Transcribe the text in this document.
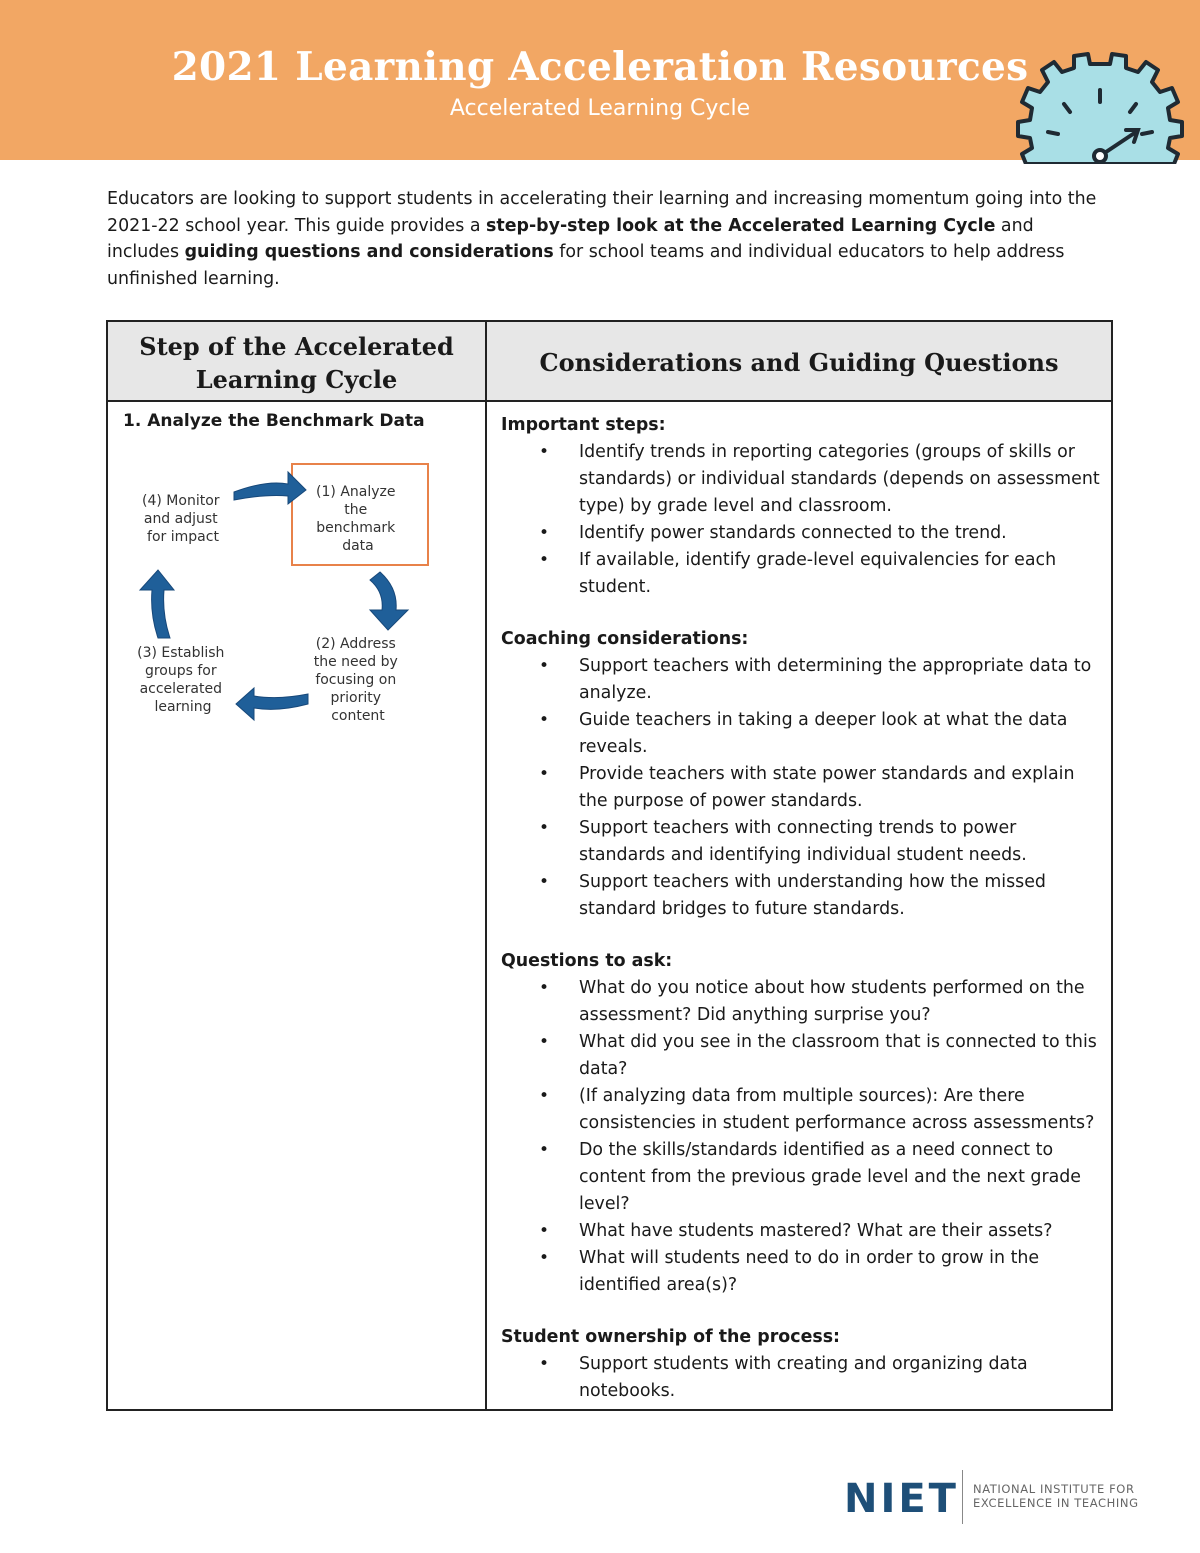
2021 Learning Acceleration Resources
Accelerated Learning Cycle
Educators are looking to support students in accelerating their learning and increasing momentum going into the 2021-22 school year. This guide provides a step-by-step look at the Accelerated Learning Cycle and includes guiding questions and considerations for school teams and individual educators to help address unfinished learning.
Step of the Accelerated
Learning Cycle
Considerations and Guiding Questions
1. Analyze the Benchmark Data
(1) Analyze the benchmark data
(2) Address the need by focusing on priority content
(3) Establish groups for accelerated learning
(4) Monitor and adjust for impact
Important steps:
• Identify trends in reporting categories (groups of skills or standards) or individual standards (depends on assessment type) by grade level and classroom.
• Identify power standards connected to the trend.
• If available, identify grade-level equivalencies for each student.
Coaching considerations:
• Support teachers with determining the appropriate data to analyze.
• Guide teachers in taking a deeper look at what the data reveals.
• Provide teachers with state power standards and explain the purpose of power standards.
• Support teachers with connecting trends to power standards and identifying individual student needs.
• Support teachers with understanding how the missed standard bridges to future standards.
Questions to ask:
• What do you notice about how students performed on the assessment? Did anything surprise you?
• What did you see in the classroom that is connected to this data?
• (If analyzing data from multiple sources): Are there consistencies in student performance across assessments?
• Do the skills/standards identified as a need connect to content from the previous grade level and the next grade level?
• What have students mastered? What are their assets?
• What will students need to do in order to grow in the identified area(s)?
Student ownership of the process:
• Support students with creating and organizing data notebooks.
NIET NATIONAL INSTITUTE FOR
EXCELLENCE IN TEACHING
